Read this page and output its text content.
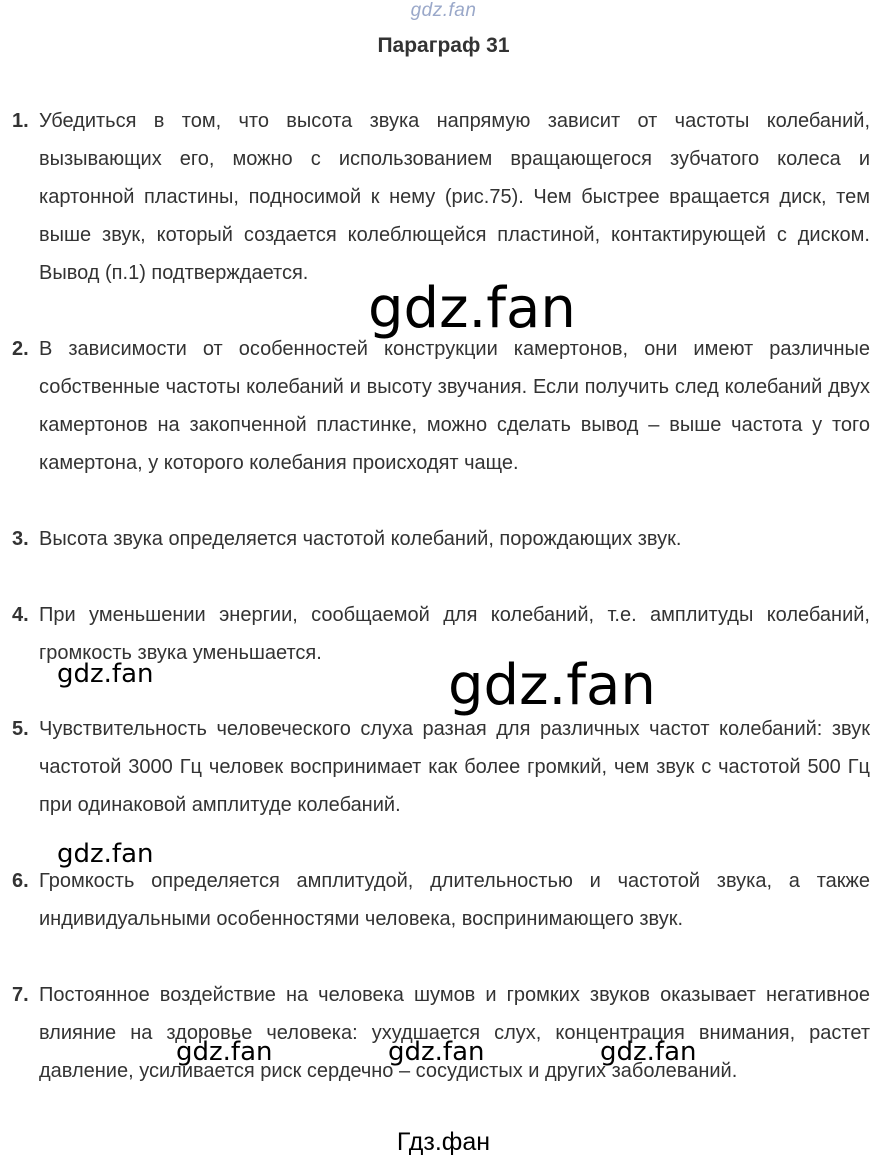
gdz.fan
Параграф 31
1. Убедиться в том, что высота звука напрямую зависит от частоты колебаний, вызывающих его, можно с использованием вращающегося зубчатого колеса и картонной пластины, подносимой к нему (рис.75). Чем быстрее вращается диск, тем выше звук, который создается колеблющейся пластиной, контактирующей с диском. Вывод (п.1) подтверждается.
2. В зависимости от особенностей конструкции камертонов, они имеют различные собственные частоты колебаний и высоту звучания. Если получить след колебаний двух камертонов на закопченной пластинке, можно сделать вывод – выше частота у того камертона, у которого колебания происходят чаще.
3. Высота звука определяется частотой колебаний, порождающих звук.
4. При уменьшении энергии, сообщаемой для колебаний, т.е. амплитуды колебаний, громкость звука уменьшается.
5. Чувствительность человеческого слуха разная для различных частот колебаний: звук частотой 3000 Гц человек воспринимает как более громкий, чем звук с частотой 500 Гц при одинаковой амплитуде колебаний.
6. Громкость определяется амплитудой, длительностью и частотой звука, а также индивидуальными особенностями человека, воспринимающего звук.
7. Постоянное воздействие на человека шумов и громких звуков оказывает негативное влияние на здоровье человека: ухудшается слух, концентрация внимания, растет давление, усиливается риск сердечно – сосудистых и других заболеваний.
gdz.fan
gdz.fan
gdz.fan
gdz.fan
gdz.fan	gdz.fan	gdz.fan
Гдз.фан
